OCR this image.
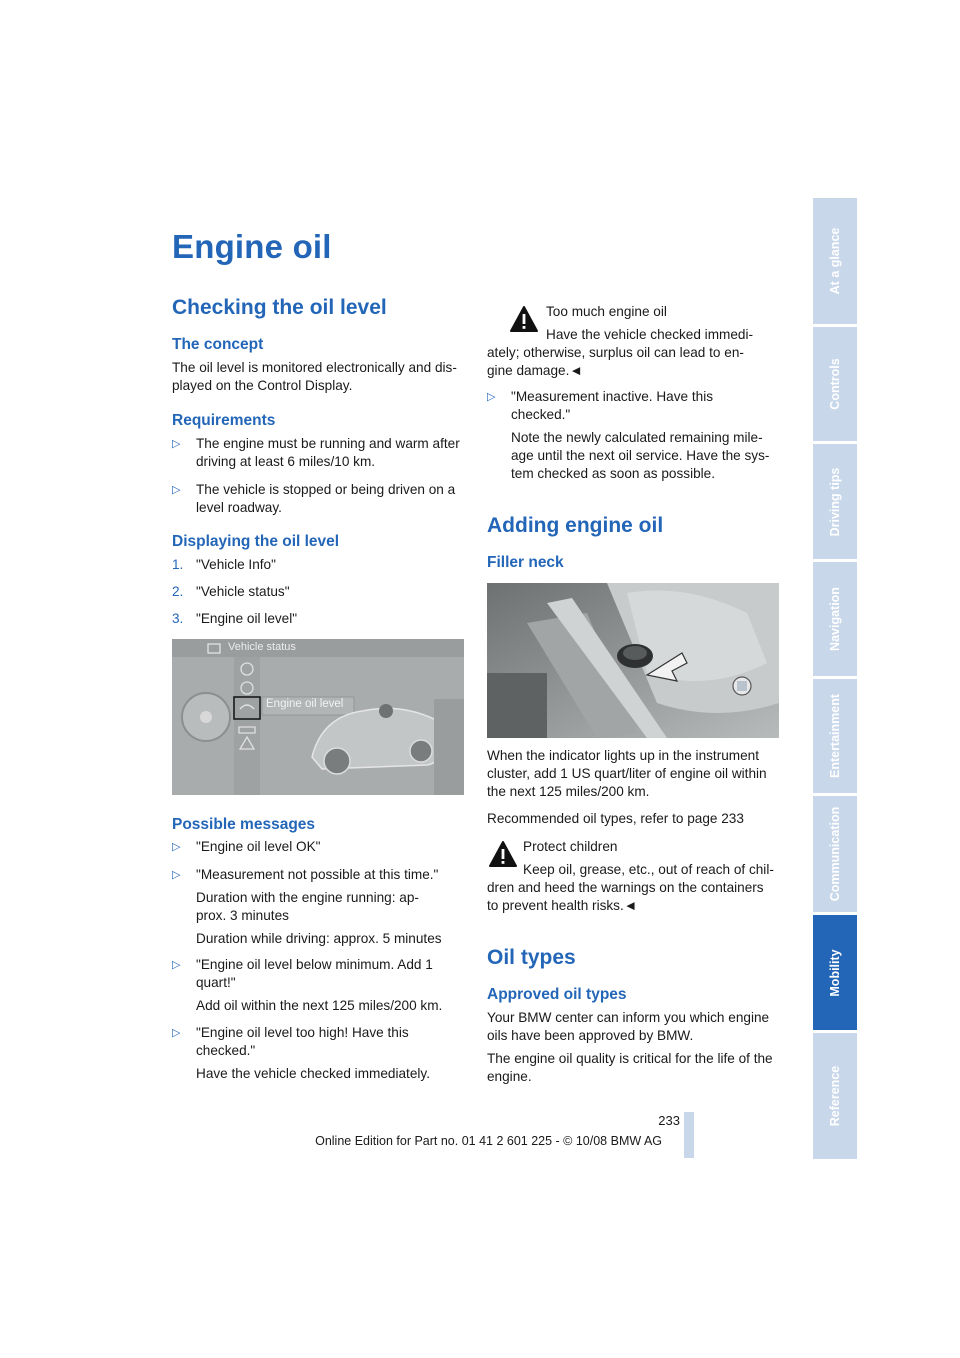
Engine oil
Checking the oil level
The concept
The oil level is monitored electronically and dis-
played on the Control Display.
Requirements
▷ The engine must be running and warm after
driving at least 6 miles/10 km.
▷ The vehicle is stopped or being driven on a
level roadway.
Displaying the oil level
1. "Vehicle Info"
2. "Vehicle status"
3. "Engine oil level"
Vehicle status
Engine oil level
Possible messages
▷ "Engine oil level OK"
▷ "Measurement not possible at this time."
Duration with the engine running: ap-
prox. 3 minutes
Duration while driving: approx. 5 minutes
▷ "Engine oil level below minimum. Add 1
quart!"
Add oil within the next 125 miles/200 km.
▷ "Engine oil level too high! Have this
checked."
Have the vehicle checked immediately.
Too much engine oil
Have the vehicle checked immedi-
ately; otherwise, surplus oil can lead to en-
gine damage.◄
▷ "Measurement inactive. Have this
checked."
Note the newly calculated remaining mile-
age until the next oil service. Have the sys-
tem checked as soon as possible.
Adding engine oil
Filler neck
When the indicator lights up in the instrument
cluster, add 1 US quart/liter of engine oil within
the next 125 miles/200 km.
Recommended oil types, refer to page 233
Protect children
Keep oil, grease, etc., out of reach of chil-
dren and heed the warnings on the containers
to prevent health risks.◄
Oil types
Approved oil types
Your BMW center can inform you which engine
oils have been approved by BMW.
The engine oil quality is critical for the life of the
engine.
At a glance
Controls
Driving tips
Navigation
Entertainment
Communication
Mobility
Reference
233
Online Edition for Part no. 01 41 2 601 225 - © 10/08 BMW AG
